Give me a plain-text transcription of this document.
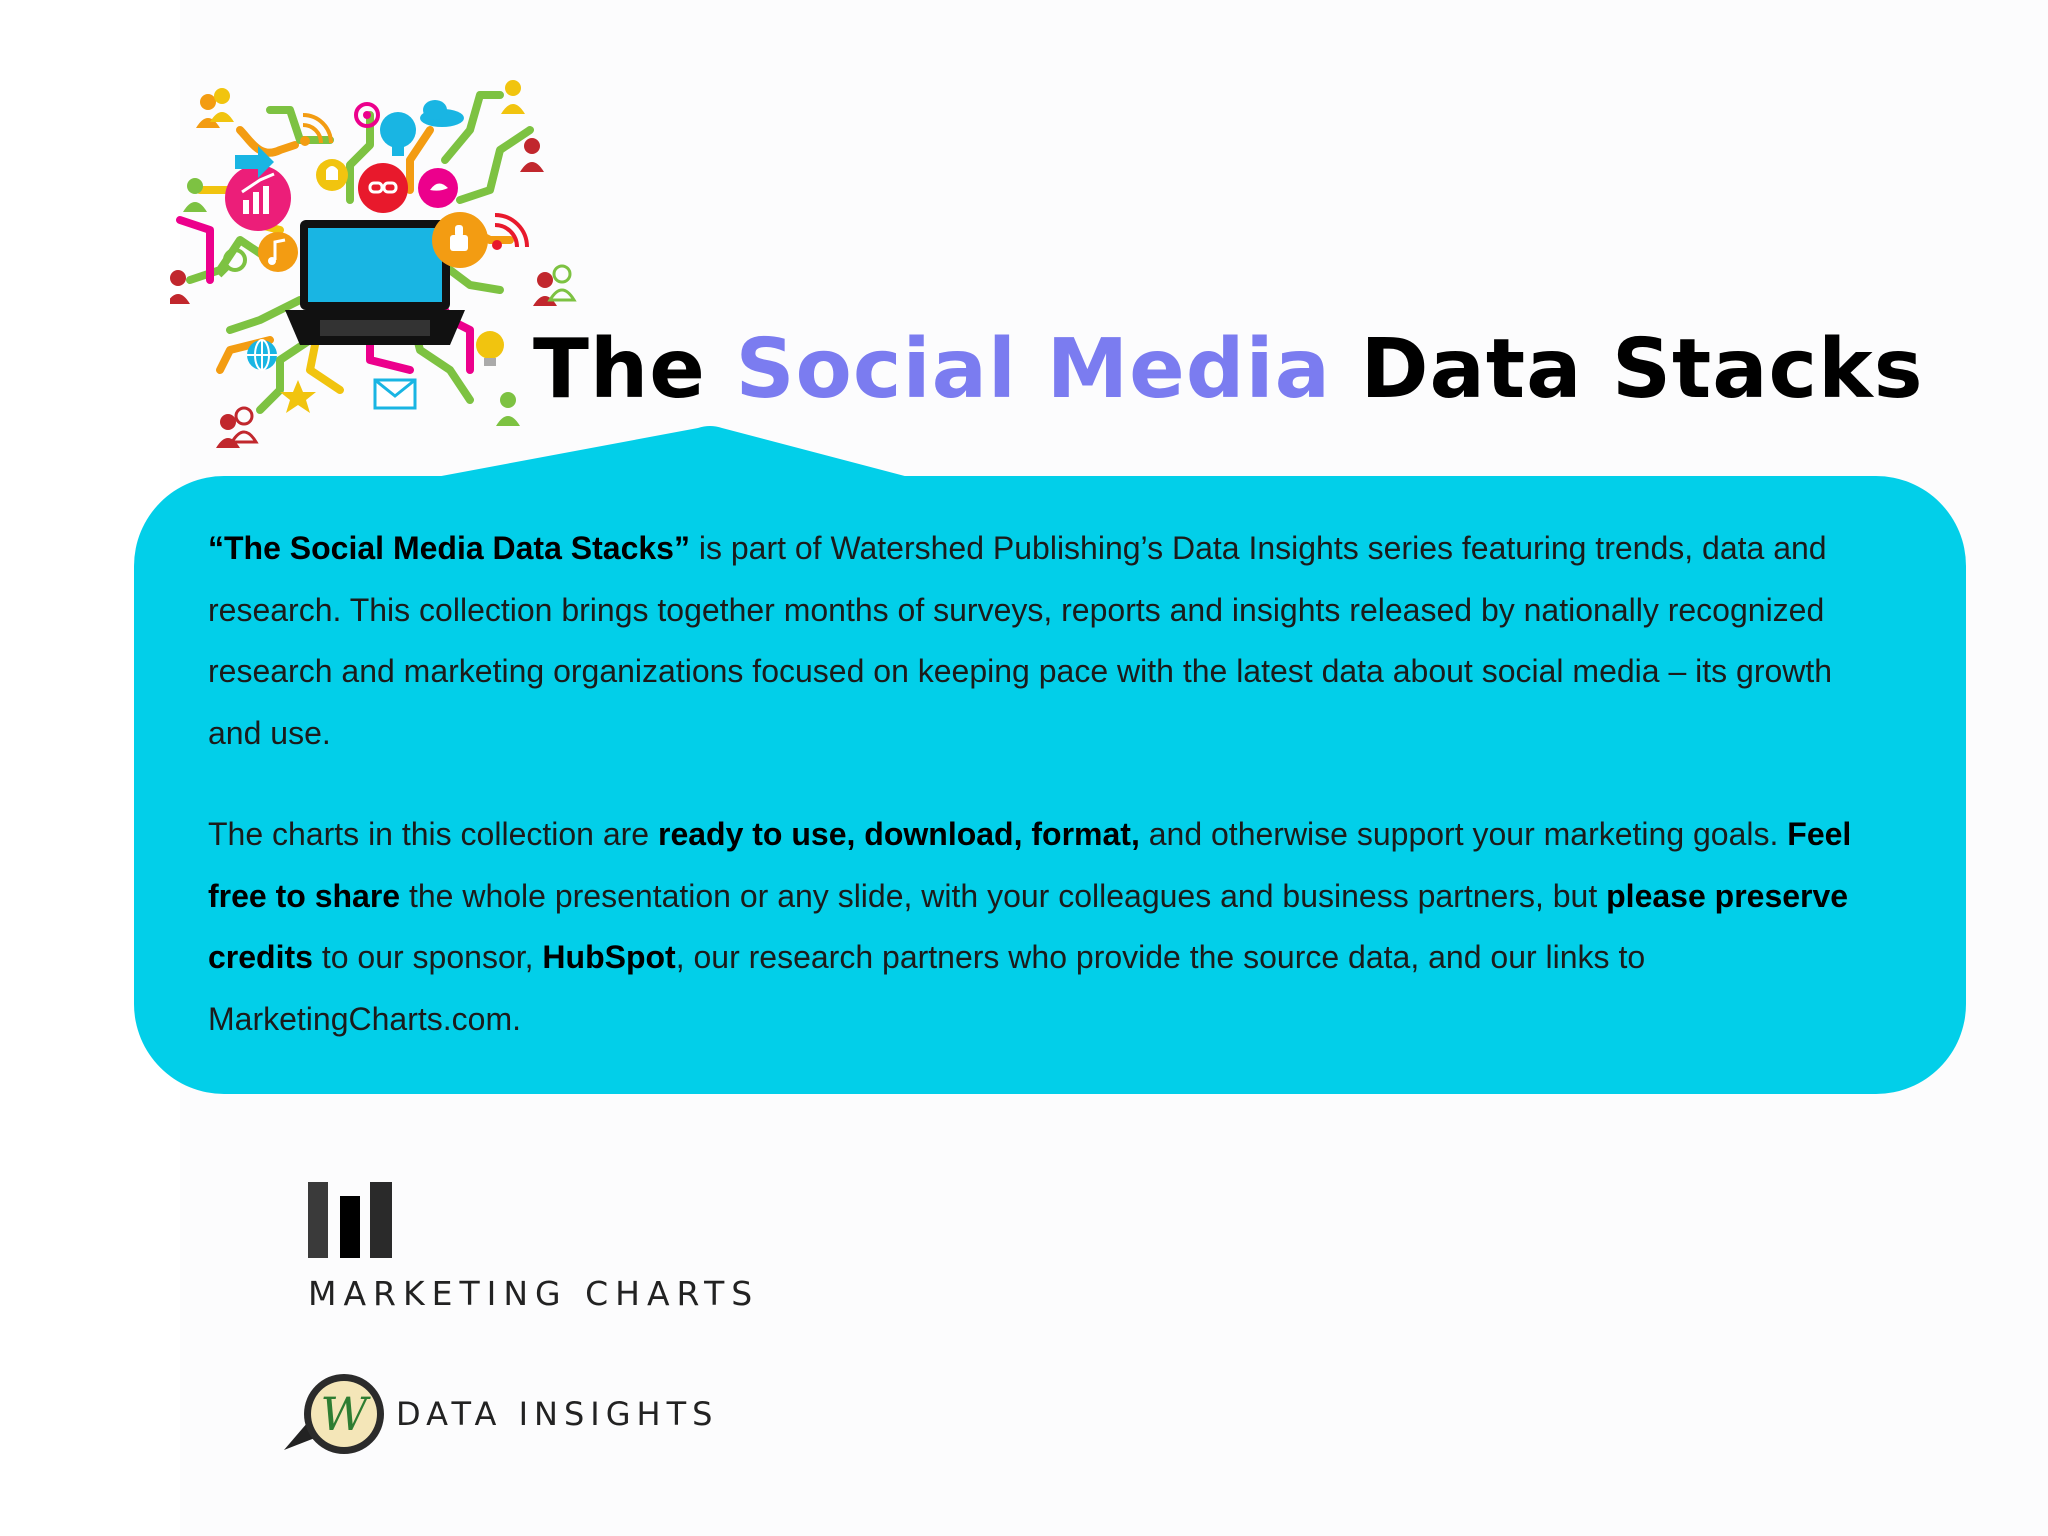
The Social Media Data Stacks

“The Social Media Data Stacks” is part of Watershed Publishing’s Data Insights series featuring trends, data and research. This collection brings together months of surveys, reports and insights released by nationally recognized research and marketing organizations focused on keeping pace with the latest data about social media – its growth and use.

The charts in this collection are ready to use, download, format, and otherwise support your marketing goals. Feel free to share the whole presentation or any slide, with your colleagues and business partners, but please preserve credits to our sponsor, HubSpot, our research partners who provide the source data, and our links to MarketingCharts.com.

MARKETING CHARTS
W DATA INSIGHTS
